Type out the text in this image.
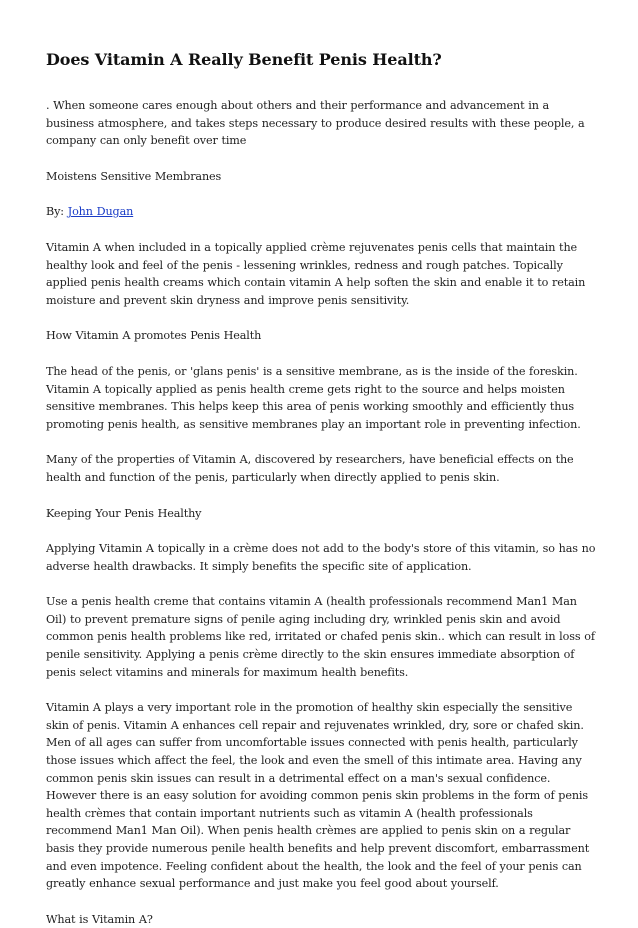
Does Vitamin A Really Benefit Penis Health?

. When someone cares enough about others and their performance and advancement in a business atmosphere, and takes steps necessary to produce desired results with these people, a company can only benefit over time

Moistens Sensitive Membranes

By: John Dugan

Vitamin A when included in a topically applied crème rejuvenates penis cells that maintain the healthy look and feel of the penis - lessening wrinkles, redness and rough patches. Topically applied penis health creams which contain vitamin A help soften the skin and enable it to retain moisture and prevent skin dryness and improve penis sensitivity.

How Vitamin A promotes Penis Health

The head of the penis, or 'glans penis' is a sensitive membrane, as is the inside of the foreskin. Vitamin A topically applied as penis health creme gets right to the source and helps moisten sensitive membranes. This helps keep this area of penis working smoothly and efficiently thus promoting penis health, as sensitive membranes play an important role in preventing infection.

Many of the properties of Vitamin A, discovered by researchers, have beneficial effects on the health and function of the penis, particularly when directly applied to penis skin.

Keeping Your Penis Healthy

Applying Vitamin A topically in a crème does not add to the body's store of this vitamin, so has no adverse health drawbacks. It simply benefits the specific site of application.

Use a penis health creme that contains vitamin A (health professionals recommend Man1 Man Oil) to prevent premature signs of penile aging including dry, wrinkled penis skin and avoid common penis health problems like red, irritated or chafed penis skin.. which can result in loss of penile sensitivity. Applying a penis crème directly to the skin ensures immediate absorption of penis select vitamins and minerals for maximum health benefits.

Vitamin A plays a very important role in the promotion of healthy skin especially the sensitive skin of penis. Vitamin A enhances cell repair and rejuvenates wrinkled, dry, sore or chafed skin. Men of all ages can suffer from uncomfortable issues connected with penis health, particularly those issues which affect the feel, the look and even the smell of this intimate area. Having any common penis skin issues can result in a detrimental effect on a man's sexual confidence. However there is an easy solution for avoiding common penis skin problems in the form of penis health crèmes that contain important nutrients such as vitamin A (health professionals recommend Man1 Man Oil). When penis health crèmes are applied to penis skin on a regular basis they provide numerous penile health benefits and help prevent discomfort, embarrassment and even impotence. Feeling confident about the health, the look and the feel of your penis can greatly enhance sexual performance and just make you feel good about yourself.

What is Vitamin A?
